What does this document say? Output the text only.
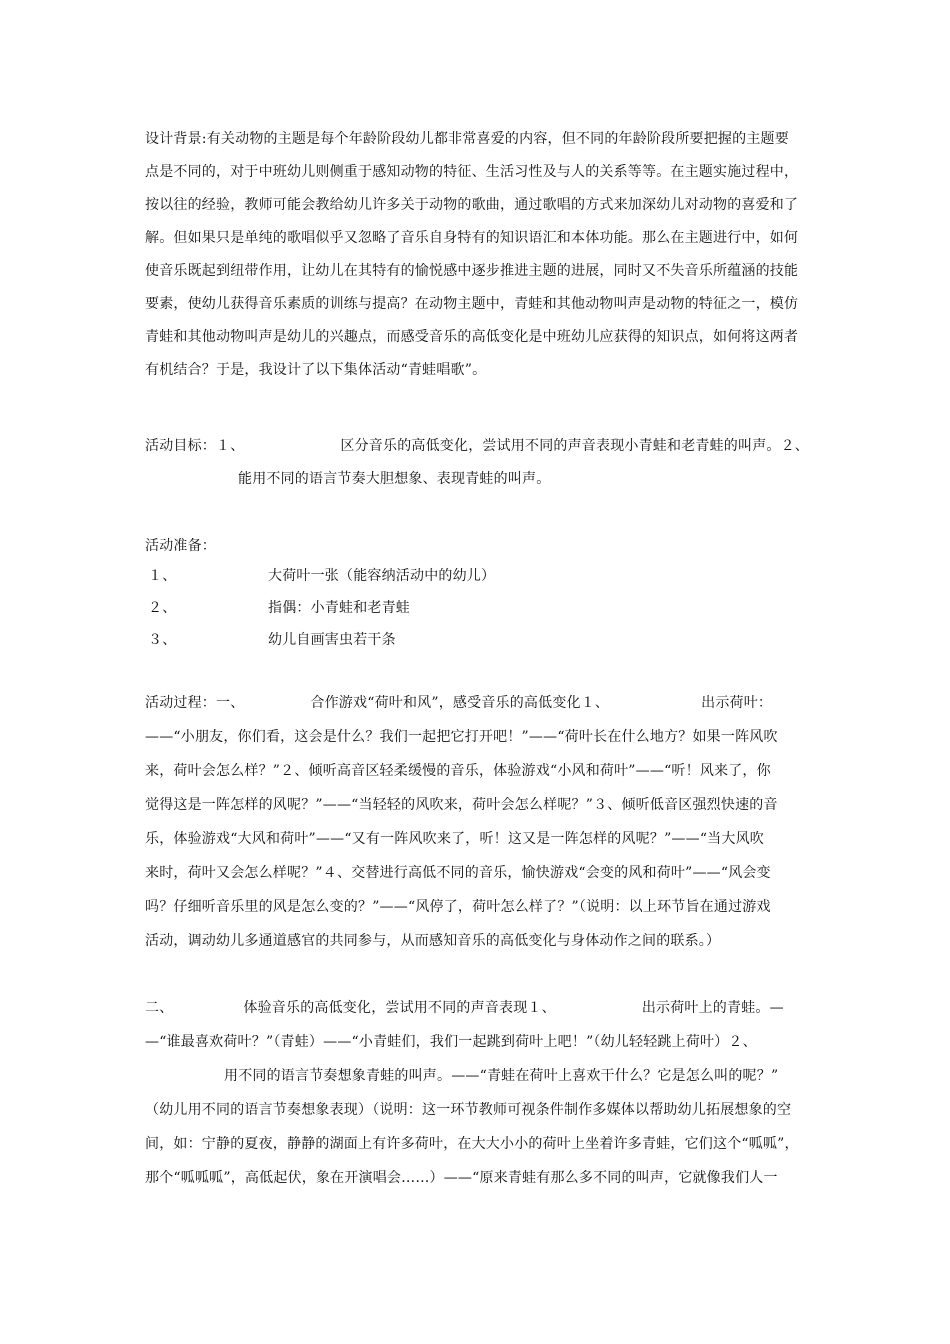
设计背景:有关动物的主题是每个年龄阶段幼儿都非常喜爱的内容，但不同的年龄阶段所要把握的主题要
点是不同的，对于中班幼儿则侧重于感知动物的特征、生活习性及与人的关系等等。在主题实施过程中，
按以往的经验，教师可能会教给幼儿许多关于动物的歌曲，通过歌唱的方式来加深幼儿对动物的喜爱和了
解。但如果只是单纯的歌唱似乎又忽略了音乐自身特有的知识语汇和本体功能。那么在主题进行中，如何
使音乐既起到纽带作用，让幼儿在其特有的愉悦感中逐步推进主题的进展，同时又不失音乐所蕴涵的技能
要素，使幼儿获得音乐素质的训练与提高？在动物主题中，青蛙和其他动物叫声是动物的特征之一，模仿
青蛙和其他动物叫声是幼儿的兴趣点，而感受音乐的高低变化是中班幼儿应获得的知识点，如何将这两者
有机结合？于是，我设计了以下集体活动“青蛙唱歌”。
活动目标：１、	区分音乐的高低变化，尝试用不同的声音表现小青蛙和老青蛙的叫声。２、
能用不同的语言节奏大胆想象、表现青蛙的叫声。
活动准备：
１、	大荷叶一张（能容纳活动中的幼儿）
２、	指偶：小青蛙和老青蛙
３、	幼儿自画害虫若干条
活动过程：一、	合作游戏“荷叶和风”，感受音乐的高低变化１、	出示荷叶：
——“小朋友，你们看，这会是什么？我们一起把它打开吧！”——“荷叶长在什么地方？如果一阵风吹
来，荷叶会怎么样？”２、倾听高音区轻柔缓慢的音乐，体验游戏“小风和荷叶”——“听！风来了，你
觉得这是一阵怎样的风呢？”——“当轻轻的风吹来，荷叶会怎么样呢？”３、倾听低音区强烈快速的音
乐，体验游戏“大风和荷叶”——“又有一阵风吹来了，听！这又是一阵怎样的风呢？”——“当大风吹
来时，荷叶又会怎么样呢？”４、交替进行高低不同的音乐，愉快游戏“会变的风和荷叶”——“风会变
吗？仔细听音乐里的风是怎么变的？”——“风停了，荷叶怎么样了？”（说明：以上环节旨在通过游戏
活动，调动幼儿多通道感官的共同参与，从而感知音乐的高低变化与身体动作之间的联系。）
二、	体验音乐的高低变化，尝试用不同的声音表现１、	出示荷叶上的青蛙。—
—“谁最喜欢荷叶？”（青蛙）——“小青蛙们，我们一起跳到荷叶上吧！”（幼儿轻轻跳上荷叶）２、
用不同的语言节奏想象青蛙的叫声。——“青蛙在荷叶上喜欢干什么？它是怎么叫的呢？”
（幼儿用不同的语言节奏想象表现）（说明：这一环节教师可视条件制作多媒体以帮助幼儿拓展想象的空
间，如：宁静的夏夜，静静的湖面上有许多荷叶，在大大小小的荷叶上坐着许多青蛙，它们这个“呱呱”，
那个“呱呱呱”，高低起伏，象在开演唱会……）——“原来青蛙有那么多不同的叫声，它就像我们人一
